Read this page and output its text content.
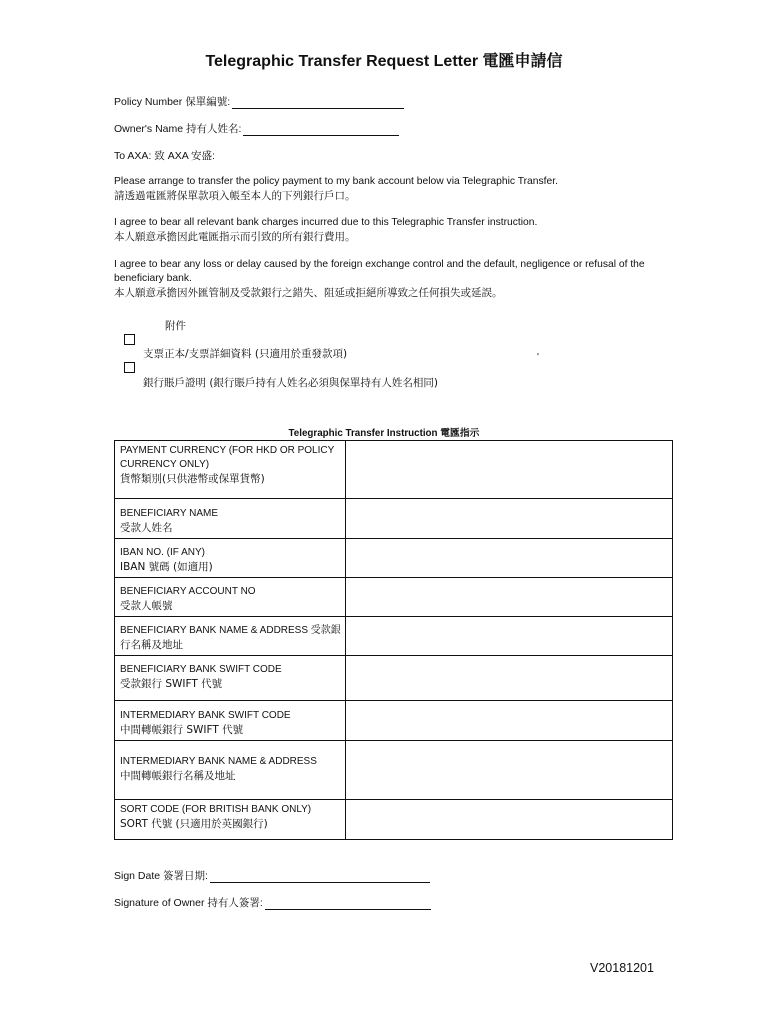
Telegraphic Transfer Request Letter 電匯申請信
Policy Number 保單編號:
Owner's Name 持有人姓名:
To AXA: 致 AXA 安盛:
Please arrange to transfer the policy payment to my bank account below via Telegraphic Transfer.
請透過電匯將保單款項入帳至本人的下列銀行戶口。
I agree to bear all relevant bank charges incurred due to this Telegraphic Transfer instruction.
本人願意承擔因此電匯指示而引致的所有銀行費用。
I agree to bear any loss or delay caused by the foreign exchange control and the default, negligence or refusal of the
beneficiary bank.
本人願意承擔因外匯管制及受款銀行之錯失、阻延或拒絕所導致之任何損失或延誤。
附件
支票正本/支票詳細資料 (只適用於重發款項)	'
銀行賬戶證明 (銀行賬戶持有人姓名必須與保單持有人姓名相同)
Telegraphic Transfer Instruction 電匯指示
PAYMENT CURRENCY (FOR HKD OR POLICY CURRENCY ONLY)
貨幣類別(只供港幣或保單貨幣)	

BENEFICIARY NAME
受款人姓名	

IBAN NO. (IF ANY)
IBAN 號碼 (如適用)	

BENEFICIARY ACCOUNT NO
受款人帳號	

BENEFICIARY BANK NAME & ADDRESS 受款銀
行名稱及地址	

BENEFICIARY BANK SWIFT CODE
受款銀行 SWIFT 代號	

INTERMEDIARY BANK SWIFT CODE
中間轉帳銀行 SWIFT 代號	

INTERMEDIARY BANK NAME & ADDRESS
中間轉帳銀行名稱及地址	

SORT CODE (FOR BRITISH BANK ONLY)
SORT 代號 (只適用於英國銀行)	

Sign Date 簽署日期:
Signature of Owner 持有人簽署:
V20181201
